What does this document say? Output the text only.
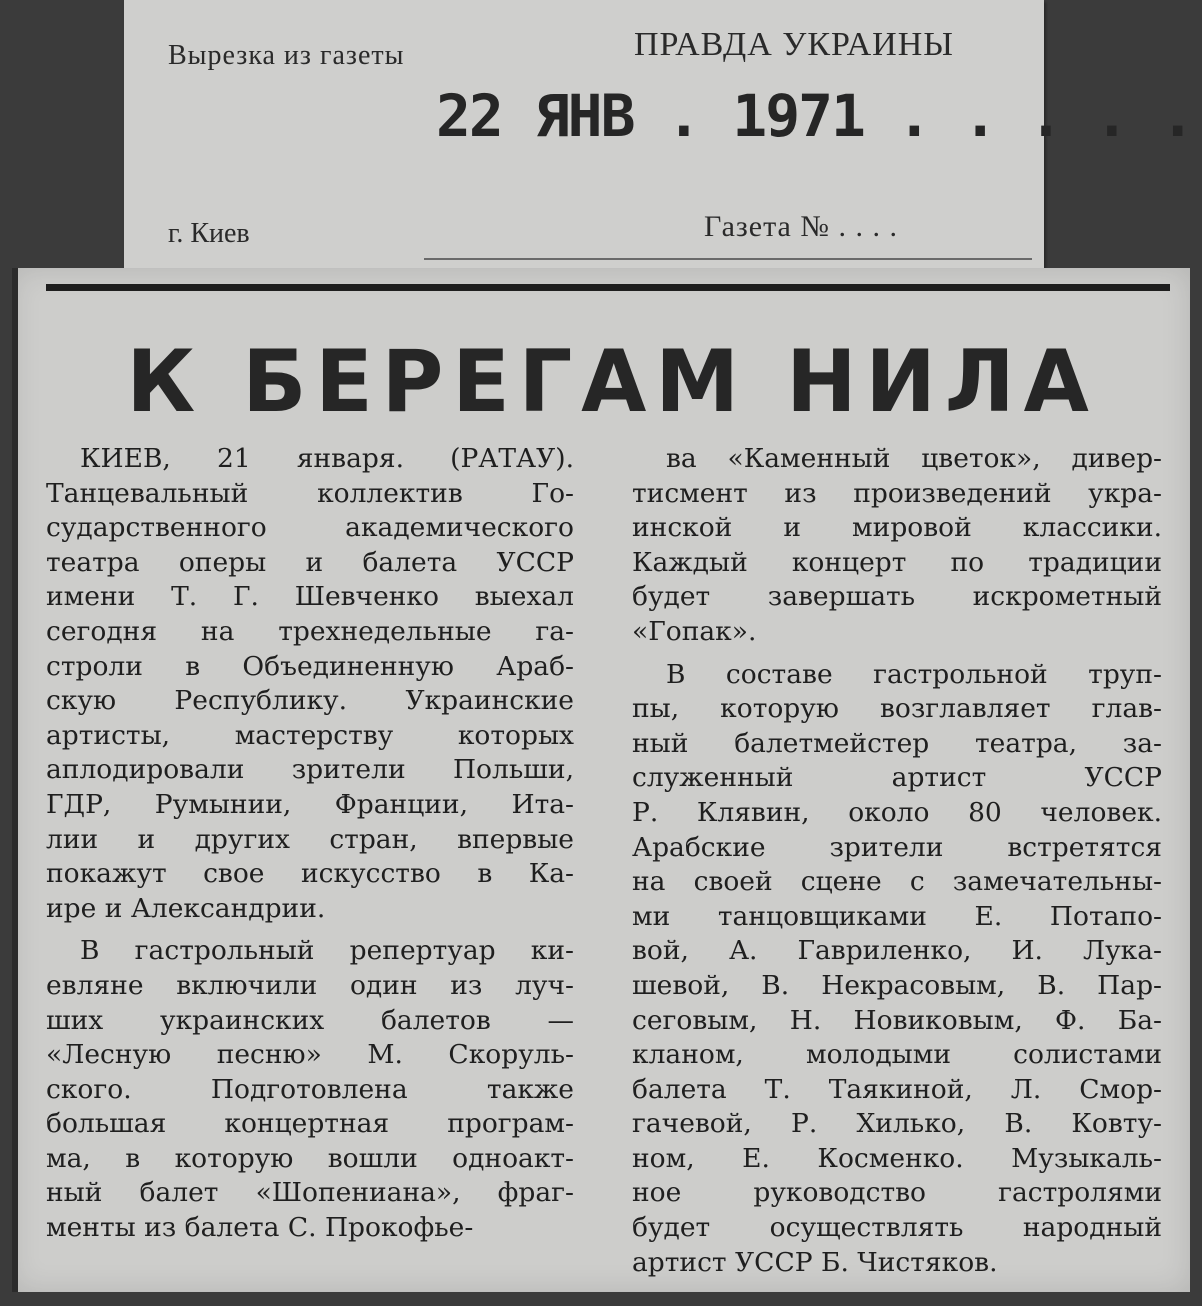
Вырезка из газеты	ПРАВДА УКРАИНЫ
22 ЯНВ . 1971 . . . . .
г. Киев	Газета № . . . .
К БЕРЕГАМ НИЛА
КИЕВ, 21 января. (РАТАУ).
Танцевальный коллектив Го-
сударственного академического
театра оперы и балета УССР
имени Т. Г. Шевченко выехал
сегодня на трехнедельные га-
строли в Объединенную Араб-
скую Республику. Украинские
артисты, мастерству которых
аплодировали зрители Польши,
ГДР, Румынии, Франции, Ита-
лии и других стран, впервые
покажут свое искусство в Ка-
ире и Александрии.
В гастрольный репертуар ки-
евляне включили один из луч-
ших украинских балетов —
«Лесную песню» М. Скоруль-
ского. Подготовлена также
большая концертная програм-
ма, в которую вошли одноакт-
ный балет «Шопениана», фраг-
менты из балета С. Прокофье-
ва «Каменный цветок», дивер-
тисмент из произведений укра-
инской и мировой классики.
Каждый концерт по традиции
будет завершать искрометный
«Гопак».
В составе гастрольной труп-
пы, которую возглавляет глав-
ный балетмейстер театра, за-
служенный артист УССР
Р. Клявин, около 80 человек.
Арабские зрители встретятся
на своей сцене с замечательны-
ми танцовщиками Е. Потапо-
вой, А. Гавриленко, И. Лука-
шевой, В. Некрасовым, В. Пар-
сеговым, Н. Новиковым, Ф. Ба-
кланом, молодыми солистами
балета Т. Таякиной, Л. Смор-
гачевой, Р. Хилько, В. Ковту-
ном, Е. Косменко. Музыкаль-
ное руководство гастролями
будет осуществлять народный
артист УССР Б. Чистяков.
